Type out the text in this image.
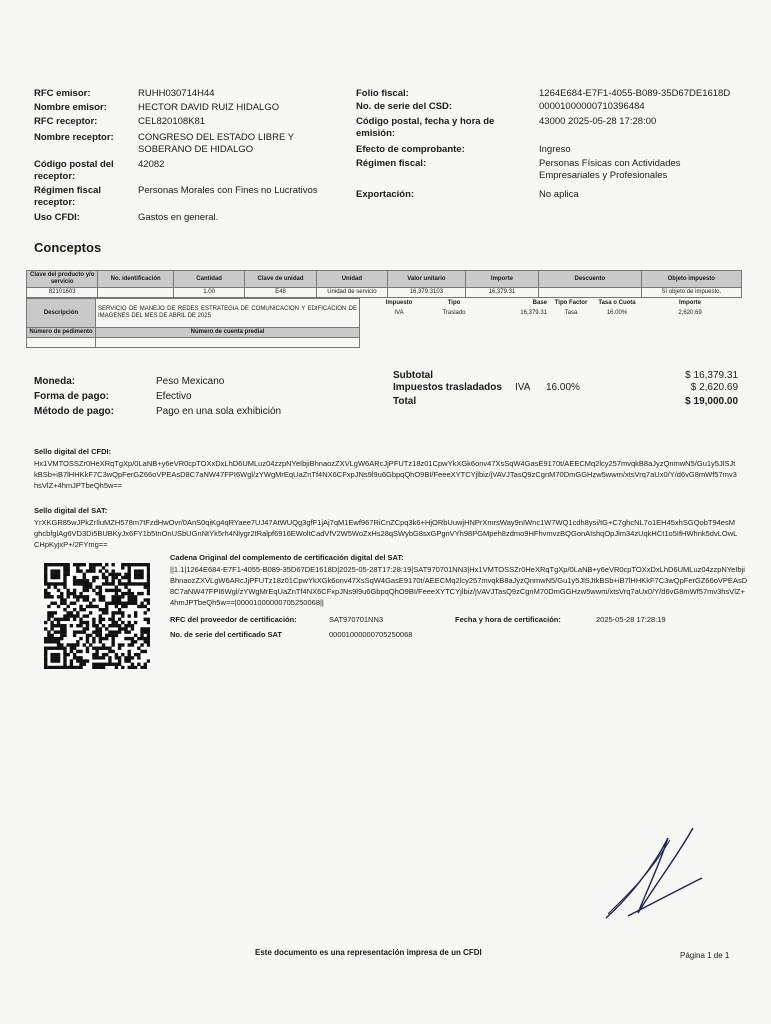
RFC emisor:	RUHH030714H44
Nombre emisor:	HECTOR DAVID RUIZ HIDALGO
RFC receptor:	CEL820108K81
Nombre receptor:	CONGRESO DEL ESTADO LIBRE Y SOBERANO DE HIDALGO
Código postal del receptor:
42082
Régimen fiscal receptor:
Personas Morales con Fines no Lucrativos
Uso CFDI:	Gastos en general.
Folio fiscal:	1264E684-E7F1-4055-B089-35D67DE1618D
No. de serie del CSD:	00001000000710396484
Código postal, fecha y hora de emisión:
43000 2025-05-28 17:28:00
Efecto de comprobante:	Ingreso
Régimen fiscal:	Personas Físicas con Actividades Empresariales y Profesionales
Exportación:	No aplica
Conceptos
Clave del producto y/o servicio	No. identificación	Cantidad	Clave de unidad	Unidad	Valor unitario	Importe	Descuento	Objeto impuesto
82101603		1.00	E48	Unidad de servicio	16,379.3103	16,379.31		Sí objeto de impuesto.
Descripción	SERVICIO DE MANEJO DE REDES ESTRATEGIA DE COMUNICACION Y EDIFICACION DE IMAGENES DEL MES DE ABRIL DE 2025
Número de pedimento	Número de cuenta predial

Impuesto	Tipo	Base	Tipo Factor	Tasa o Cuota	Importe
IVA	Traslado	16,379.31	Tasa	16.00%	2,620.69
Moneda:	Peso Mexicano
Forma de pago:	Efectivo
Método de pago:	Pago en una sola exhibición
Subtotal	$ 16,379.31
Impuestos trasladados	IVA	16.00%	$ 2,620.69
Total	$ 19,000.00
Sello digital del CFDI:
Hx1VMTOSSZr0HeXRqTgXp/0LaNB+y6eVR0cpTOXxDxLhD6UMLuz04zzpNYeIbjiBhnaozZXVLgW6ARcJjPFUTz18z01CpwYkXGk6onv47XsSqW4GasE9170t/AEECMq2lcy257mvqkB8aJyzQnmwN5/Gu1y5JlSJtkBSb+iB7lHHKkF7C3wQpFerGZ66oVPEAsD8C7aNW47FPI6Wgl/zYWgMrEqUaZnTf4NX6CFxpJNs9l9u6GbpqQhO9BI/FeeeXYTCYjlbiz/jVAVJTasQ9zCgnM70DmGGHzw5wwm/xtsVrq7aUx0/Y/d6vG8mWf57mv3hsVlZ+4hmJPTbeQh5w==
Sello digital del SAT:
YrXKGR85wJPkZrIluMZH578m7tFzdHwOvr/0AnS0qiKg4qRYaee7UJ47AtWUQg3gfF1jAj7qM1Ewf967RiCnZCpq3k6+HjORbUuwjHNPrXmrsWay9nIWnc1W7WQ1cdh8ysi/tG+C7ghcNL7o1EH45xhSGQobT94esMghcbfglAg6VD3Di5BUBKyJx6FY1b5tnOnUSbUGnNtYk5rh4Nlygr2tRalpf6916EWoltCadVfV2W5WoZxHs28qSWybG8sxGPgnVYh98PGMpeh8zdmo9HFhvmvzBQGonAIshqOpJlm34zUqkHCt1o5IfHWhnk5dvLOwLCHpKyjxP+/2FYmg==
Cadena Original del complemento de certificación digital del SAT:
||1.1|1264E684-E7F1-4055-B089-35D67DE1618D|2025-05-28T17:28:19|SAT970701NN3|Hx1VMTOSSZr0HeXRqTgXp/0LaNB+y6eVR0cpTOXxDxLhD6UMLuz04zzpNYeIbjiBhnaozZXVLgW6ARcJjPFUTz18z01CpwYkXGk6onv47XsSqW4GasE9170t/AEECMq2lcy257mvqkB8aJyzQnmwN5/Gu1y5JlSJtkBSb+iB7lHHKkF7C3wQpFerGZ66oVPEAsD8C7aNW47FPI6Wgl/zYWgMrEqUaZnTf4NX6CFxpJNs9l9u6GbpqQhO9BI/FeeeXYTCYjlbiz/jVAVJTasQ9zCgnM70DmGGHzw5wwm/xtsVrq7aUx0/Y/d6vG8mWf57mv3hsVlZ+4hmJPTbeQh5w==|00001000000705250068||
RFC del proveedor de certificación:	SAT970701NN3	Fecha y hora de certificación:	2025-05-28 17:28:19
No. de serie del certificado SAT	00001000000705250068
Este documento es una representación impresa de un CFDI	Página 1 de 1
